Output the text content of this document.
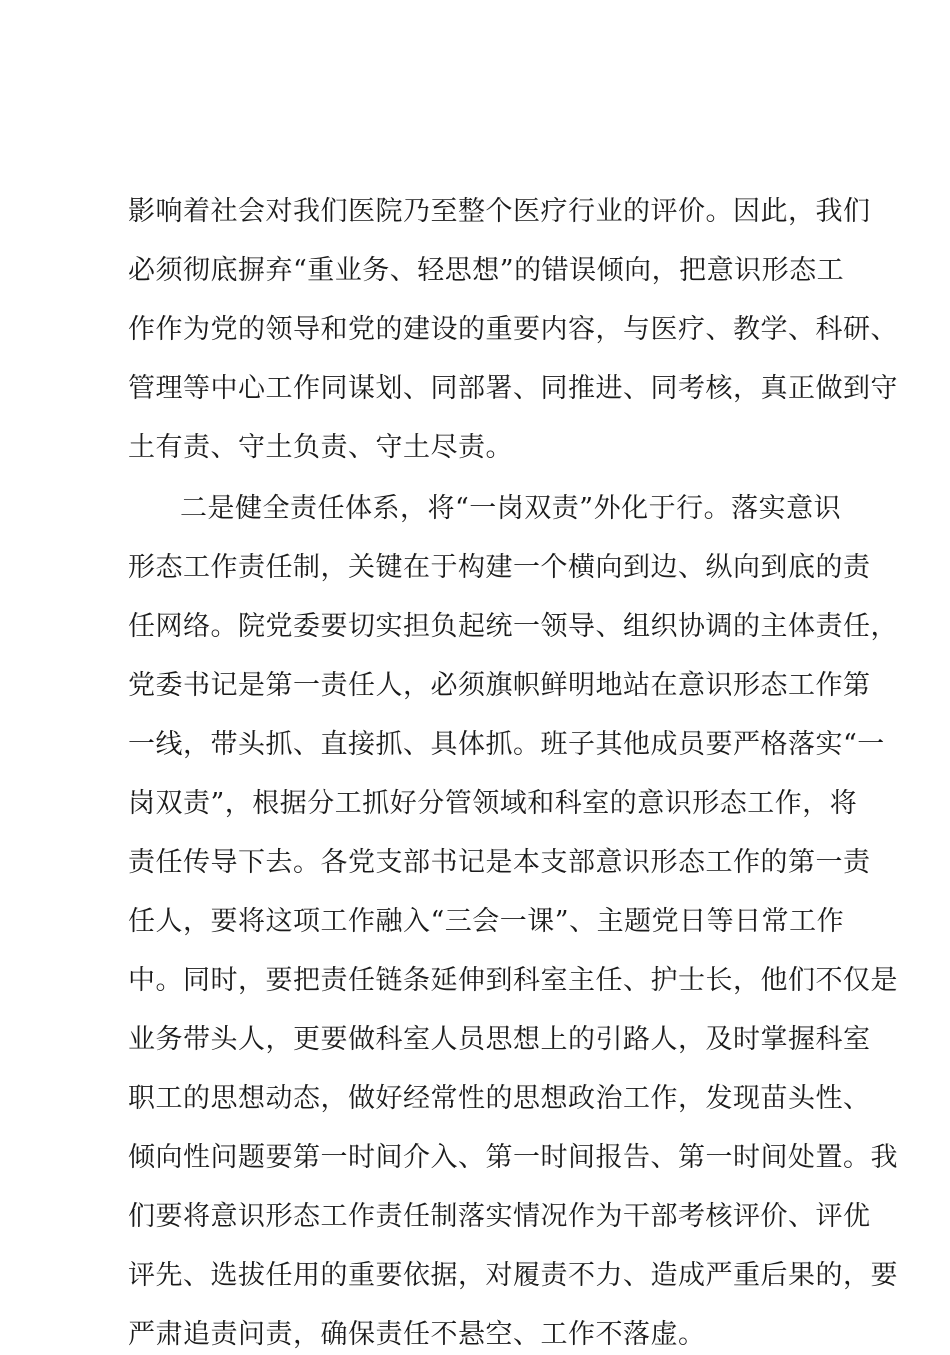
影响着社会对我们医院乃至整个医疗行业的评价。因此，我们
必须彻底摒弃“重业务、轻思想”的错误倾向，把意识形态工
作作为党的领导和党的建设的重要内容，与医疗、教学、科研、
管理等中心工作同谋划、同部署、同推进、同考核，真正做到守
土有责、守土负责、守土尽责。
二是健全责任体系，将“一岗双责”外化于行。落实意识
形态工作责任制，关键在于构建一个横向到边、纵向到底的责
任网络。院党委要切实担负起统一领导、组织协调的主体责任，
党委书记是第一责任人，必须旗帜鲜明地站在意识形态工作第
一线，带头抓、直接抓、具体抓。班子其他成员要严格落实“一
岗双责”，根据分工抓好分管领域和科室的意识形态工作，将
责任传导下去。各党支部书记是本支部意识形态工作的第一责
任人，要将这项工作融入“三会一课”、主题党日等日常工作
中。同时，要把责任链条延伸到科室主任、护士长，他们不仅是
业务带头人，更要做科室人员思想上的引路人，及时掌握科室
职工的思想动态，做好经常性的思想政治工作，发现苗头性、
倾向性问题要第一时间介入、第一时间报告、第一时间处置。我
们要将意识形态工作责任制落实情况作为干部考核评价、评优
评先、选拔任用的重要依据，对履责不力、造成严重后果的，要
严肃追责问责，确保责任不悬空、工作不落虚。
